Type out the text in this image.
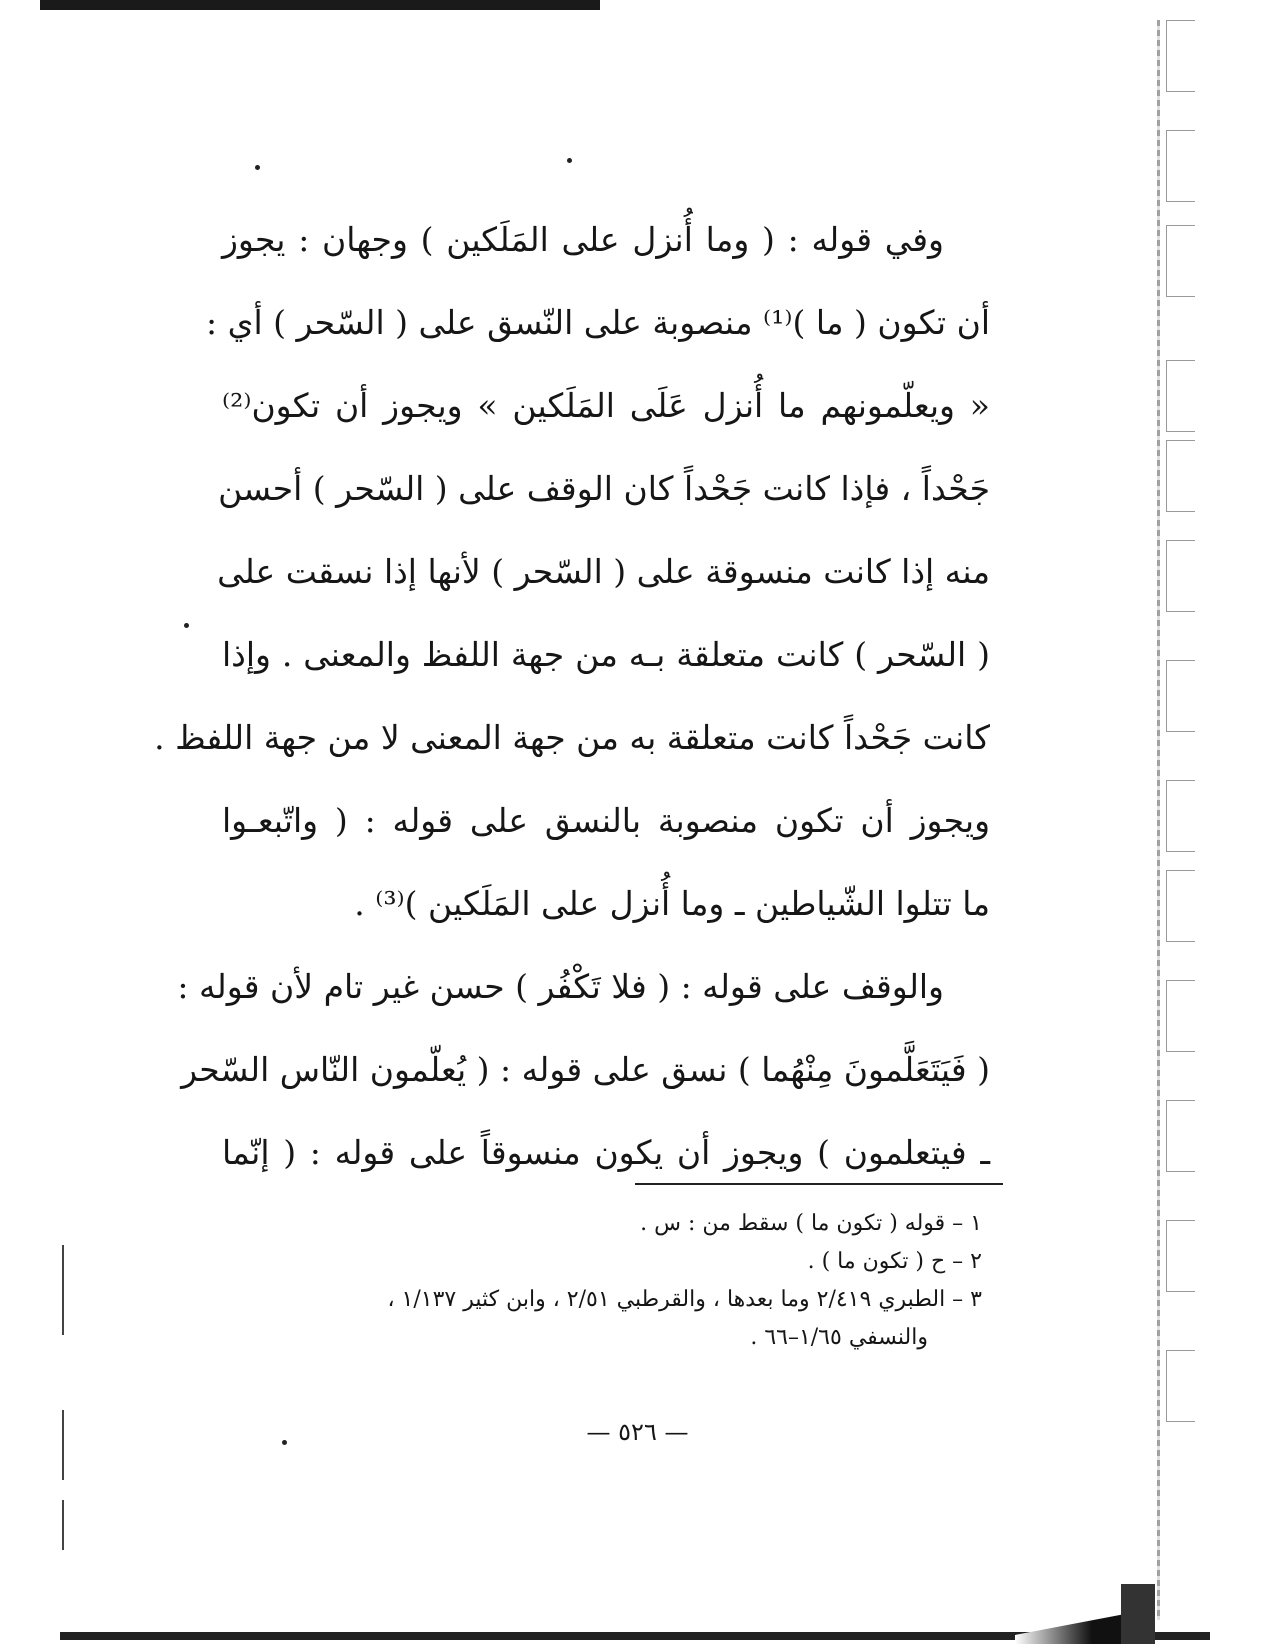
وفي قوله : ( وما أُنزل على المَلَكين ) وجهان : يجوز
أن تكون ( ما )⁽¹⁾ منصوبة على النّسق على ( السّحر ) أي :
« ويعلّمونهم ما أُنزل عَلَى المَلَكين » ويجوز أن تكون⁽²⁾
جَحْداً ، فإذا كانت جَحْداً كان الوقف على ( السّحر ) أحسن
منه إذا كانت منسوقة على ( السّحر ) لأنها إذا نسقت على
( السّحر ) كانت متعلقة بـه من جهة اللفظ والمعنى . وإذا
كانت جَحْداً كانت متعلقة به من جهة المعنى لا من جهة اللفظ .
ويجوز أن تكون منصوبة بالنسق على قوله : ( واتّبعـوا
ما تتلوا الشّياطين ـ وما أُنزل على المَلَكين )⁽³⁾ .
والوقف على قوله : ( فلا تَكْفُر ) حسن غير تام لأن قوله :
( فَيَتَعَلَّمونَ مِنْهُما ) نسق على قوله : ( يُعلّمون النّاس السّحر
ـ فيتعلمون ) ويجوز أن يكون منسوقاً على قوله : ( إنّما
١ – قوله ( تكون ما ) سقط من : س .
٢ – ح ( تكون ما ) .
٣ – الطبري ٢/٤١٩ وما بعدها ، والقرطبي ٢/٥١ ، وابن كثير ١/١٣٧ ،
والنسفي ١/٦٥–٦٦ .
— ٥٢٦ —
